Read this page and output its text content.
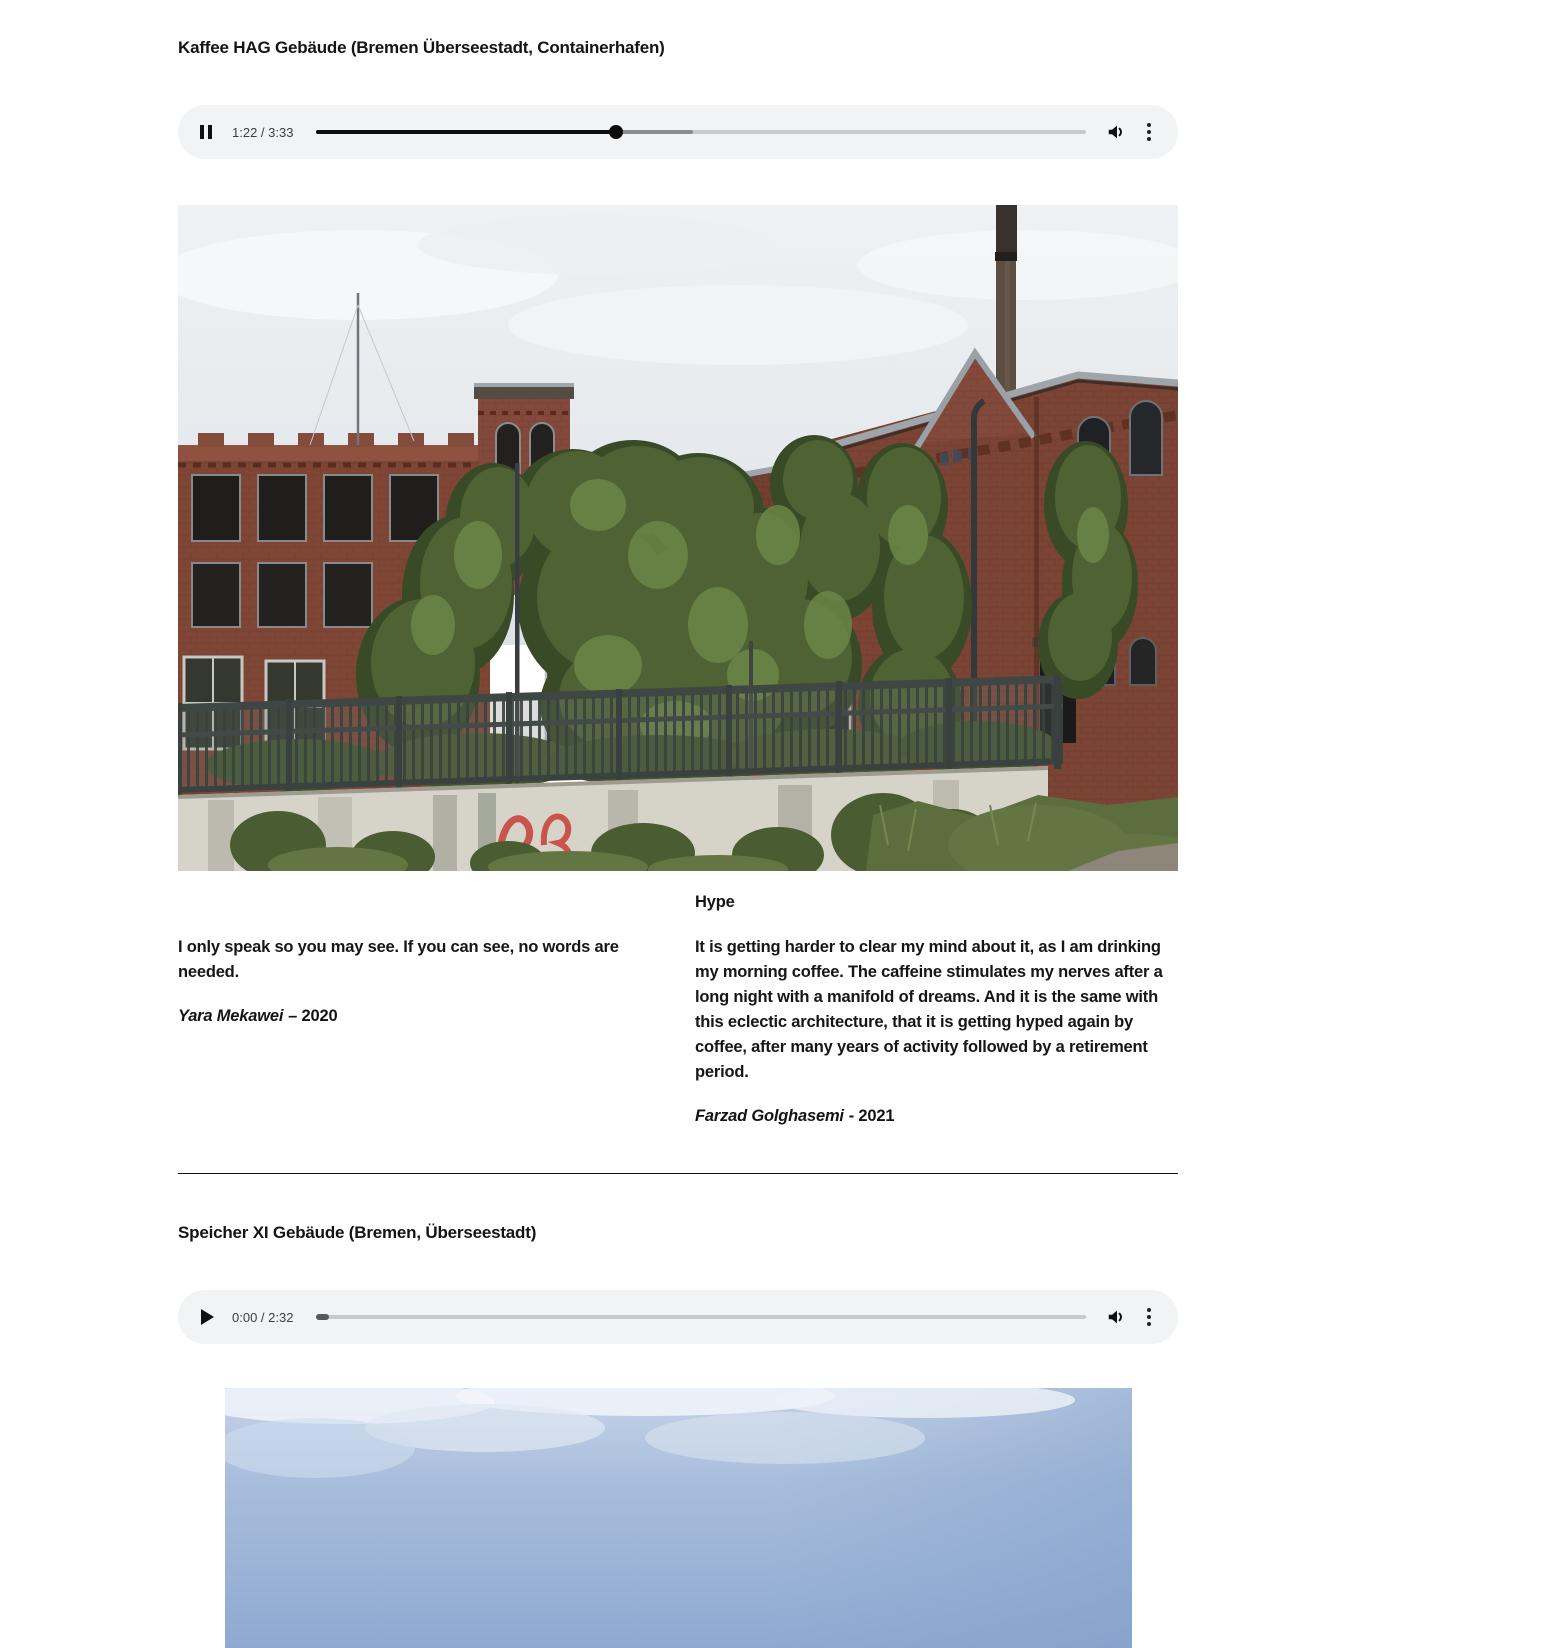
Kaffee HAG Gebäude (Bremen Überseestadt, Containerhafen)
1:22 / 3:33

I only speak so you may see. If you can see, no words are needed.

Yara Mekawei – 2020

Hype

It is getting harder to clear my mind about it, as I am drinking my morning coffee. The caffeine stimulates my nerves after a long night with a manifold of dreams. And it is the same with this eclectic architecture, that it is getting hyped again by coffee, after many years of activity followed by a retirement period.

Farzad Golghasemi - 2021

Speicher XI Gebäude (Bremen, Überseestadt)
0:00 / 2:32
